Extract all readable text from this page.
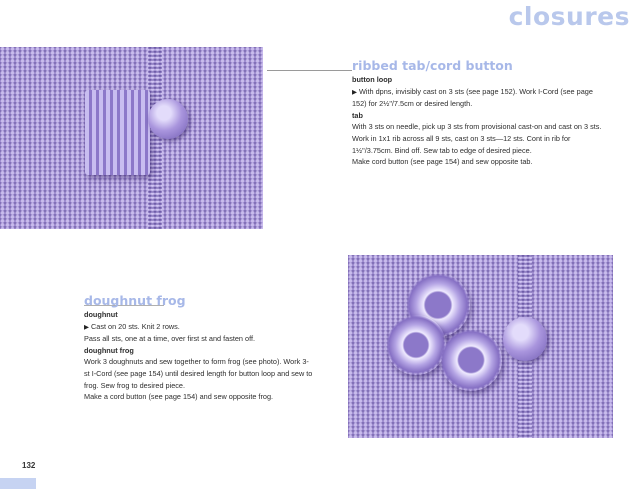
closures
ribbed tab/cord button
button loop
▶ With dpns, invisibly cast on 3 sts (see page 152). Work I-Cord (see page 152) for 2½"/7.5cm or desired length.
tab
With 3 sts on needle, pick up 3 sts from provisional cast-on and cast on 3 sts. Work in 1x1 rib across all 9 sts, cast on 3 sts—12 sts. Cont in rib for 1½"/3.75cm. Bind off. Sew tab to edge of desired piece.
Make cord button (see page 154) and sew opposite tab.
doughnut frog
doughnut
▶ Cast on 20 sts. Knit 2 rows.
Pass all sts, one at a time, over first st and fasten off.
doughnut frog
Work 3 doughnuts and sew together to form frog (see photo). Work 3-st I-Cord (see page 154) until desired length for button loop and sew to frog. Sew frog to desired piece.
Make a cord button (see page 154) and sew opposite frog.
132
